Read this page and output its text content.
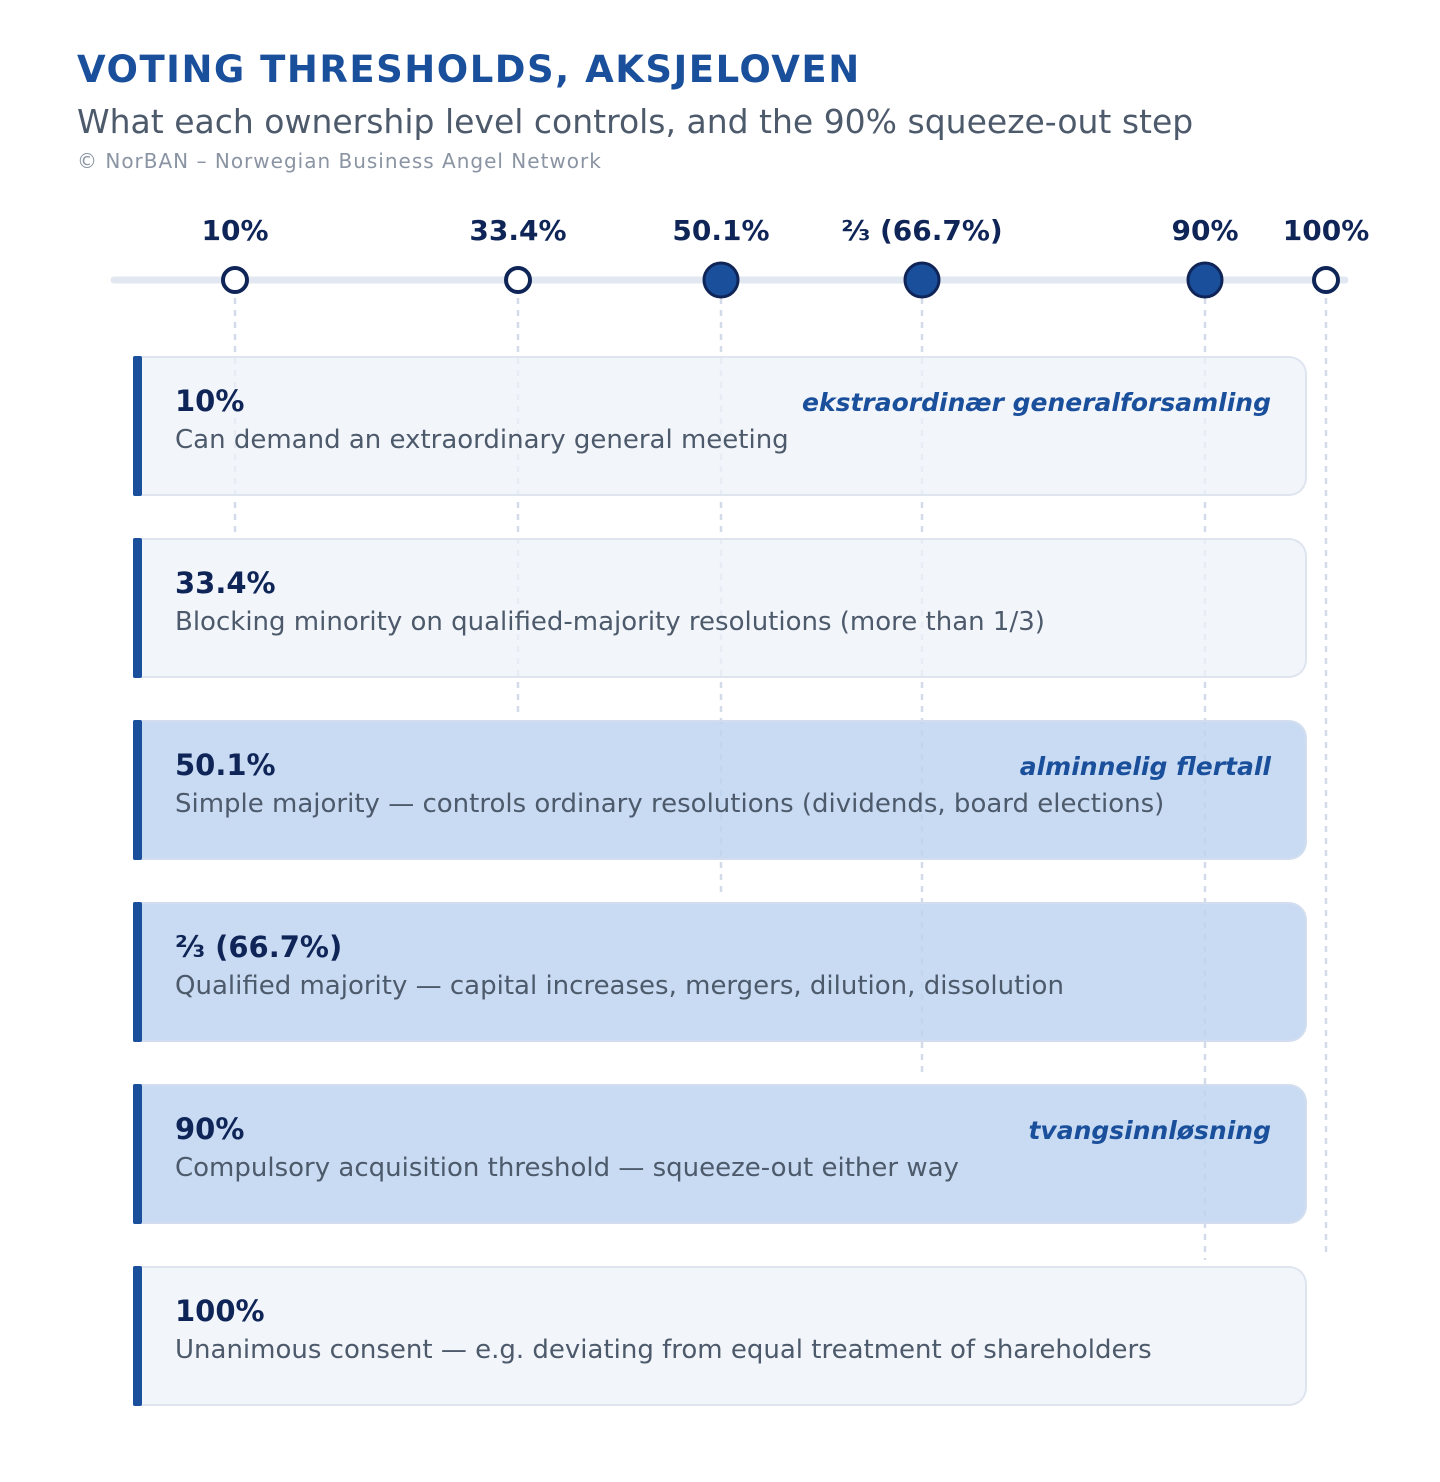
VOTING THRESHOLDS, AKSJELOVEN
What each ownership level controls, and the 90% squeeze-out step
© NorBAN – Norwegian Business Angel Network
10%	33.4%	50.1%	⅔ (66.7%)	90% 100%
10%
Can demand an extraordinary general meeting
ekstraordinær generalforsamling
33.4%
Blocking minority on qualified-majority resolutions (more than 1/3)
50.1%
Simple majority — controls ordinary resolutions (dividends, board elections)
alminnelig flertall
⅔ (66.7%)
Qualified majority — capital increases, mergers, dilution, dissolution
90%
Compulsory acquisition threshold — squeeze-out either way
tvangsinnløsning
100%
Unanimous consent — e.g. deviating from equal treatment of shareholders
